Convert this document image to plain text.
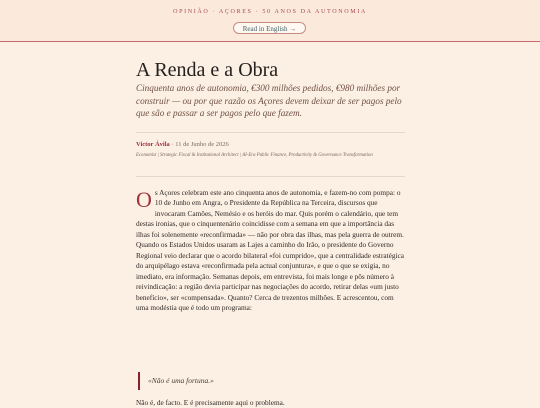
OPINIÃO · AÇORES · 50 ANOS DA AUTONOMIA
Read in English →
A Renda e a Obra

Cinquenta anos de autonomia, €300 milhões pedidos, €980 milhões por construir — ou por que razão os Açores devem deixar de ser pagos pelo que são e passar a ser pagos pelo que fazem.

Victor Ávila · 11 de Junho de 2026
Economist | Strategic Fiscal & Institutional Architect | AI-Era Public Finance, Productivity & Governance Transformation
O s Açores celebram este ano cinquenta anos de autonomia, e fazem-no com pompa: o 10 de Junho em Angra, o Presidente da República na Terceira, discursos que invocaram Camões, Nemésio e os heróis do mar. Quis porém o calendário, que tem destas ironias, que o cinquentenário coincidisse com a semana em que a importância das ilhas foi solenemente «reconfirmada» — não por obra das ilhas, mas pela guerra de outrem. Quando os Estados Unidos usaram as Lajes a caminho do Irão, o presidente do Governo Regional veio declarar que o acordo bilateral «foi cumprido», que a centralidade estratégica do arquipélago estava «reconfirmada pela actual conjuntura», e que o que se exigia, no imediato, era informação. Semanas depois, em entrevista, foi mais longe e pôs número à reivindicação: a região devia participar nas negociações do acordo, retirar delas «um justo benefício», ser «compensada». Quanto? Cerca de trezentos milhões. E acrescentou, com uma modéstia que é todo um programa:
«Não é uma fortuna.»
Não é, de facto. E é precisamente aqui o problema.
